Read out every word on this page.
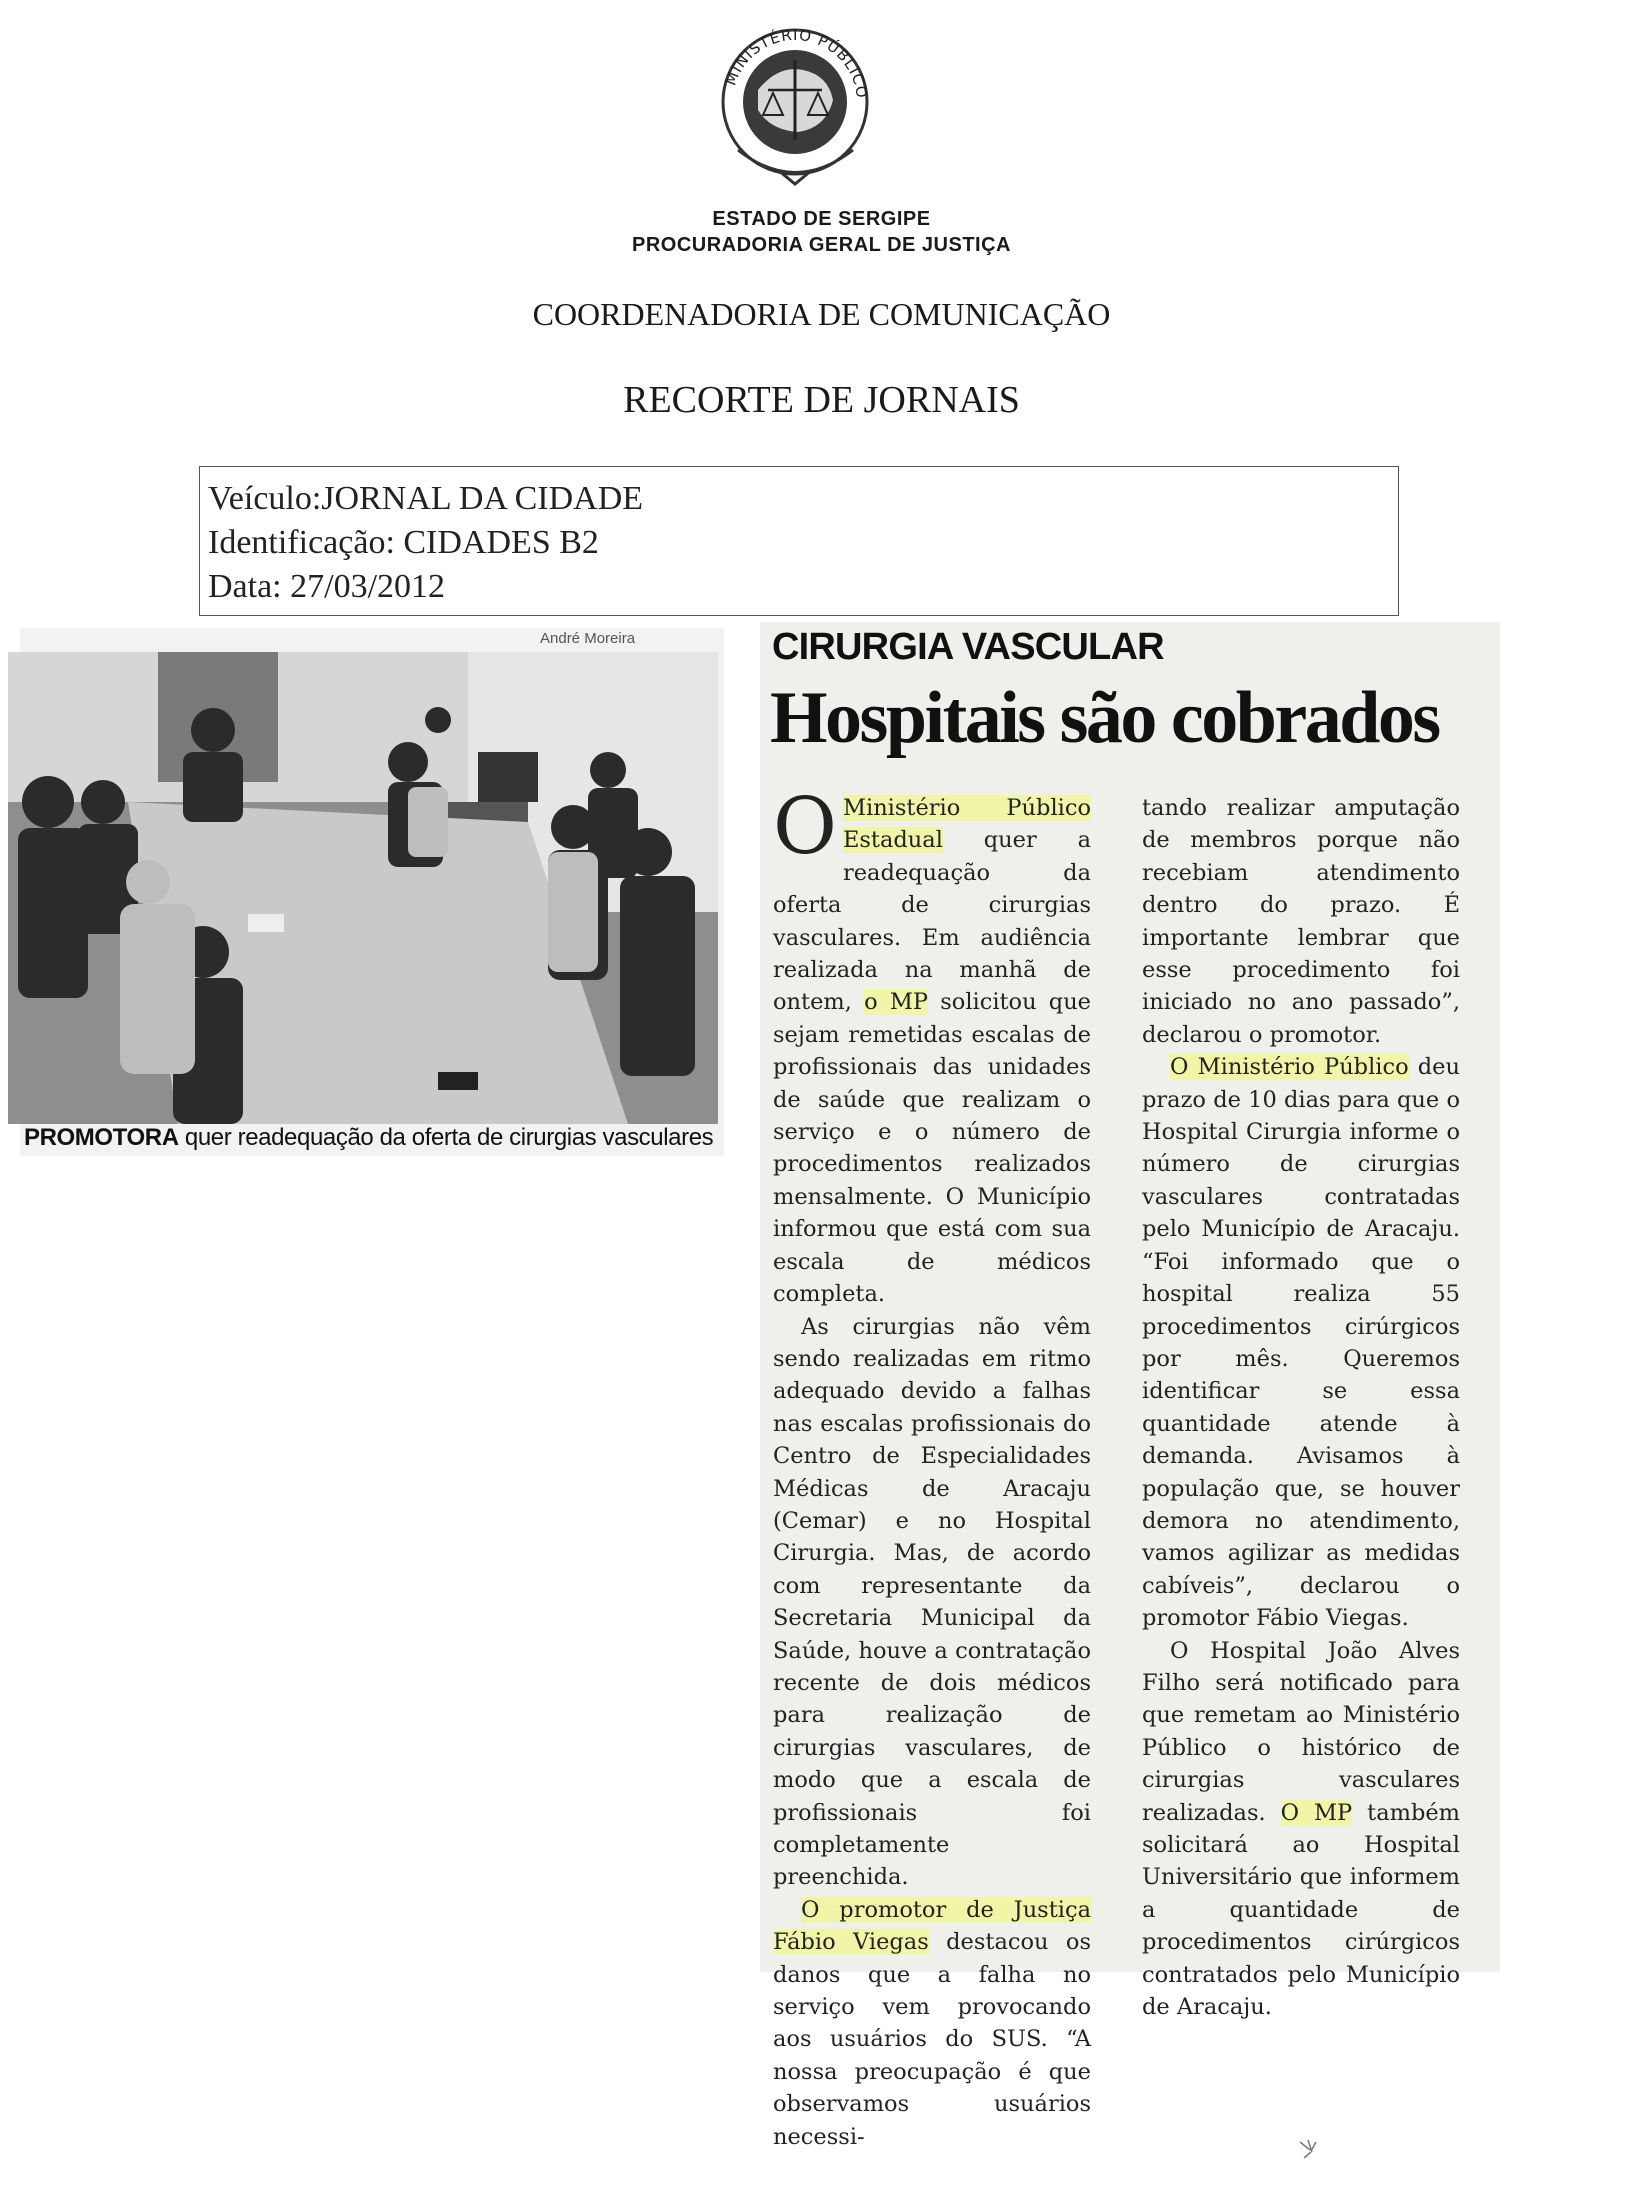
MINISTÉRIO PÚBLICO
ESTADO DE SERGIPE
PROCURADORIA GERAL DE JUSTIÇA
COORDENADORIA DE COMUNICAÇÃO
RECORTE DE JORNAIS
Veículo:JORNAL DA CIDADE
Identificação: CIDADES B2
Data: 27/03/2012
André Moreira
PROMOTORA quer readequação da oferta de cirurgias vasculares
CIRURGIA VASCULAR
Hospitais são cobrados

O Ministério Público Estadual quer a readequação da oferta de cirurgias vasculares. Em audiência realizada na manhã de ontem, o MP solicitou que sejam remetidas escalas de profissionais das unidades de saúde que realizam o serviço e o número de procedimentos realizados mensalmente. O Município informou que está com sua escala de médicos completa.

As cirurgias não vêm sendo realizadas em ritmo adequado devido a falhas nas escalas profissionais do Centro de Especialidades Médicas de Aracaju (Cemar) e no Hospital Cirurgia. Mas, de acordo com representante da Secretaria Municipal da Saúde, houve a contratação recente de dois médicos para realização de cirurgias vasculares, de modo que a escala de profissionais foi completamente preenchida.

O promotor de Justiça Fábio Viegas destacou os danos que a falha no serviço vem provocando aos usuários do SUS. “A nossa preocupação é que observamos usuários necessi-

tando realizar amputação de membros porque não recebiam atendimento dentro do prazo. É importante lembrar que esse procedimento foi iniciado no ano passado”, declarou o promotor.

O Ministério Público deu prazo de 10 dias para que o Hospital Cirurgia informe o número de cirurgias vasculares contratadas pelo Município de Aracaju. “Foi informado que o hospital realiza 55 procedimentos cirúrgicos por mês. Queremos identificar se essa quantidade atende à demanda. Avisamos à população que, se houver demora no atendimento, vamos agilizar as medidas cabíveis”, declarou o promotor Fábio Viegas.

O Hospital João Alves Filho será notificado para que remetam ao Ministério Público o histórico de cirurgias vasculares realizadas. O MP também solicitará ao Hospital Universitário que informem a quantidade de procedimentos cirúrgicos contratados pelo Município de Aracaju.
